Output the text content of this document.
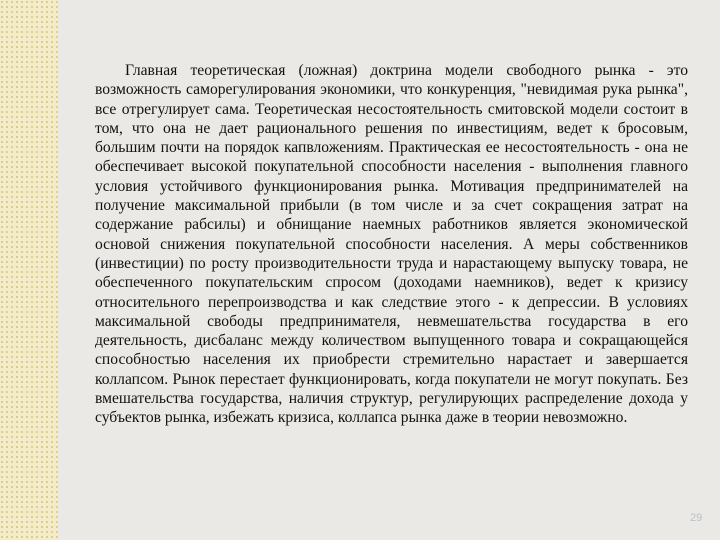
Главная теоретическая (ложная) доктрина модели свободного рынка - это возможность саморегулирования экономики, что конкуренция, "невидимая рука рынка", все отрегулирует сама. Теоретическая несостоятельность смитовской модели состоит в том, что она не дает рационального решения по инвестициям, ведет к бросовым, большим почти на порядок капвложениям. Практическая ее несостоятельность - она не обеспечивает высокой покупательной способности населения - выполнения главного условия устойчивого функционирования рынка. Мотивация предпринимателей на получение максимальной прибыли (в том числе и за счет сокращения затрат на содержание рабсилы) и обнищание наемных работников является экономической основой снижения покупательной способности населения. А меры собственников (инвестиции) по росту производительности труда и нарастающему выпуску товара, не обеспеченного покупательским спросом (доходами наемников), ведет к кризису относительного перепроизводства и как следствие этого - к депрессии. В условиях максимальной свободы предпринимателя, невмешательства государства в его деятельность, дисбаланс между количеством выпущенного товара и сокращающейся способностью населения их приобрести стремительно нарастает и завершается коллапсом. Рынок перестает функционировать, когда покупатели не могут покупать. Без вмешательства государства, наличия структур, регулирующих распределение дохода у субъектов рынка, избежать кризиса, коллапса рынка даже в теории невозможно.

29
